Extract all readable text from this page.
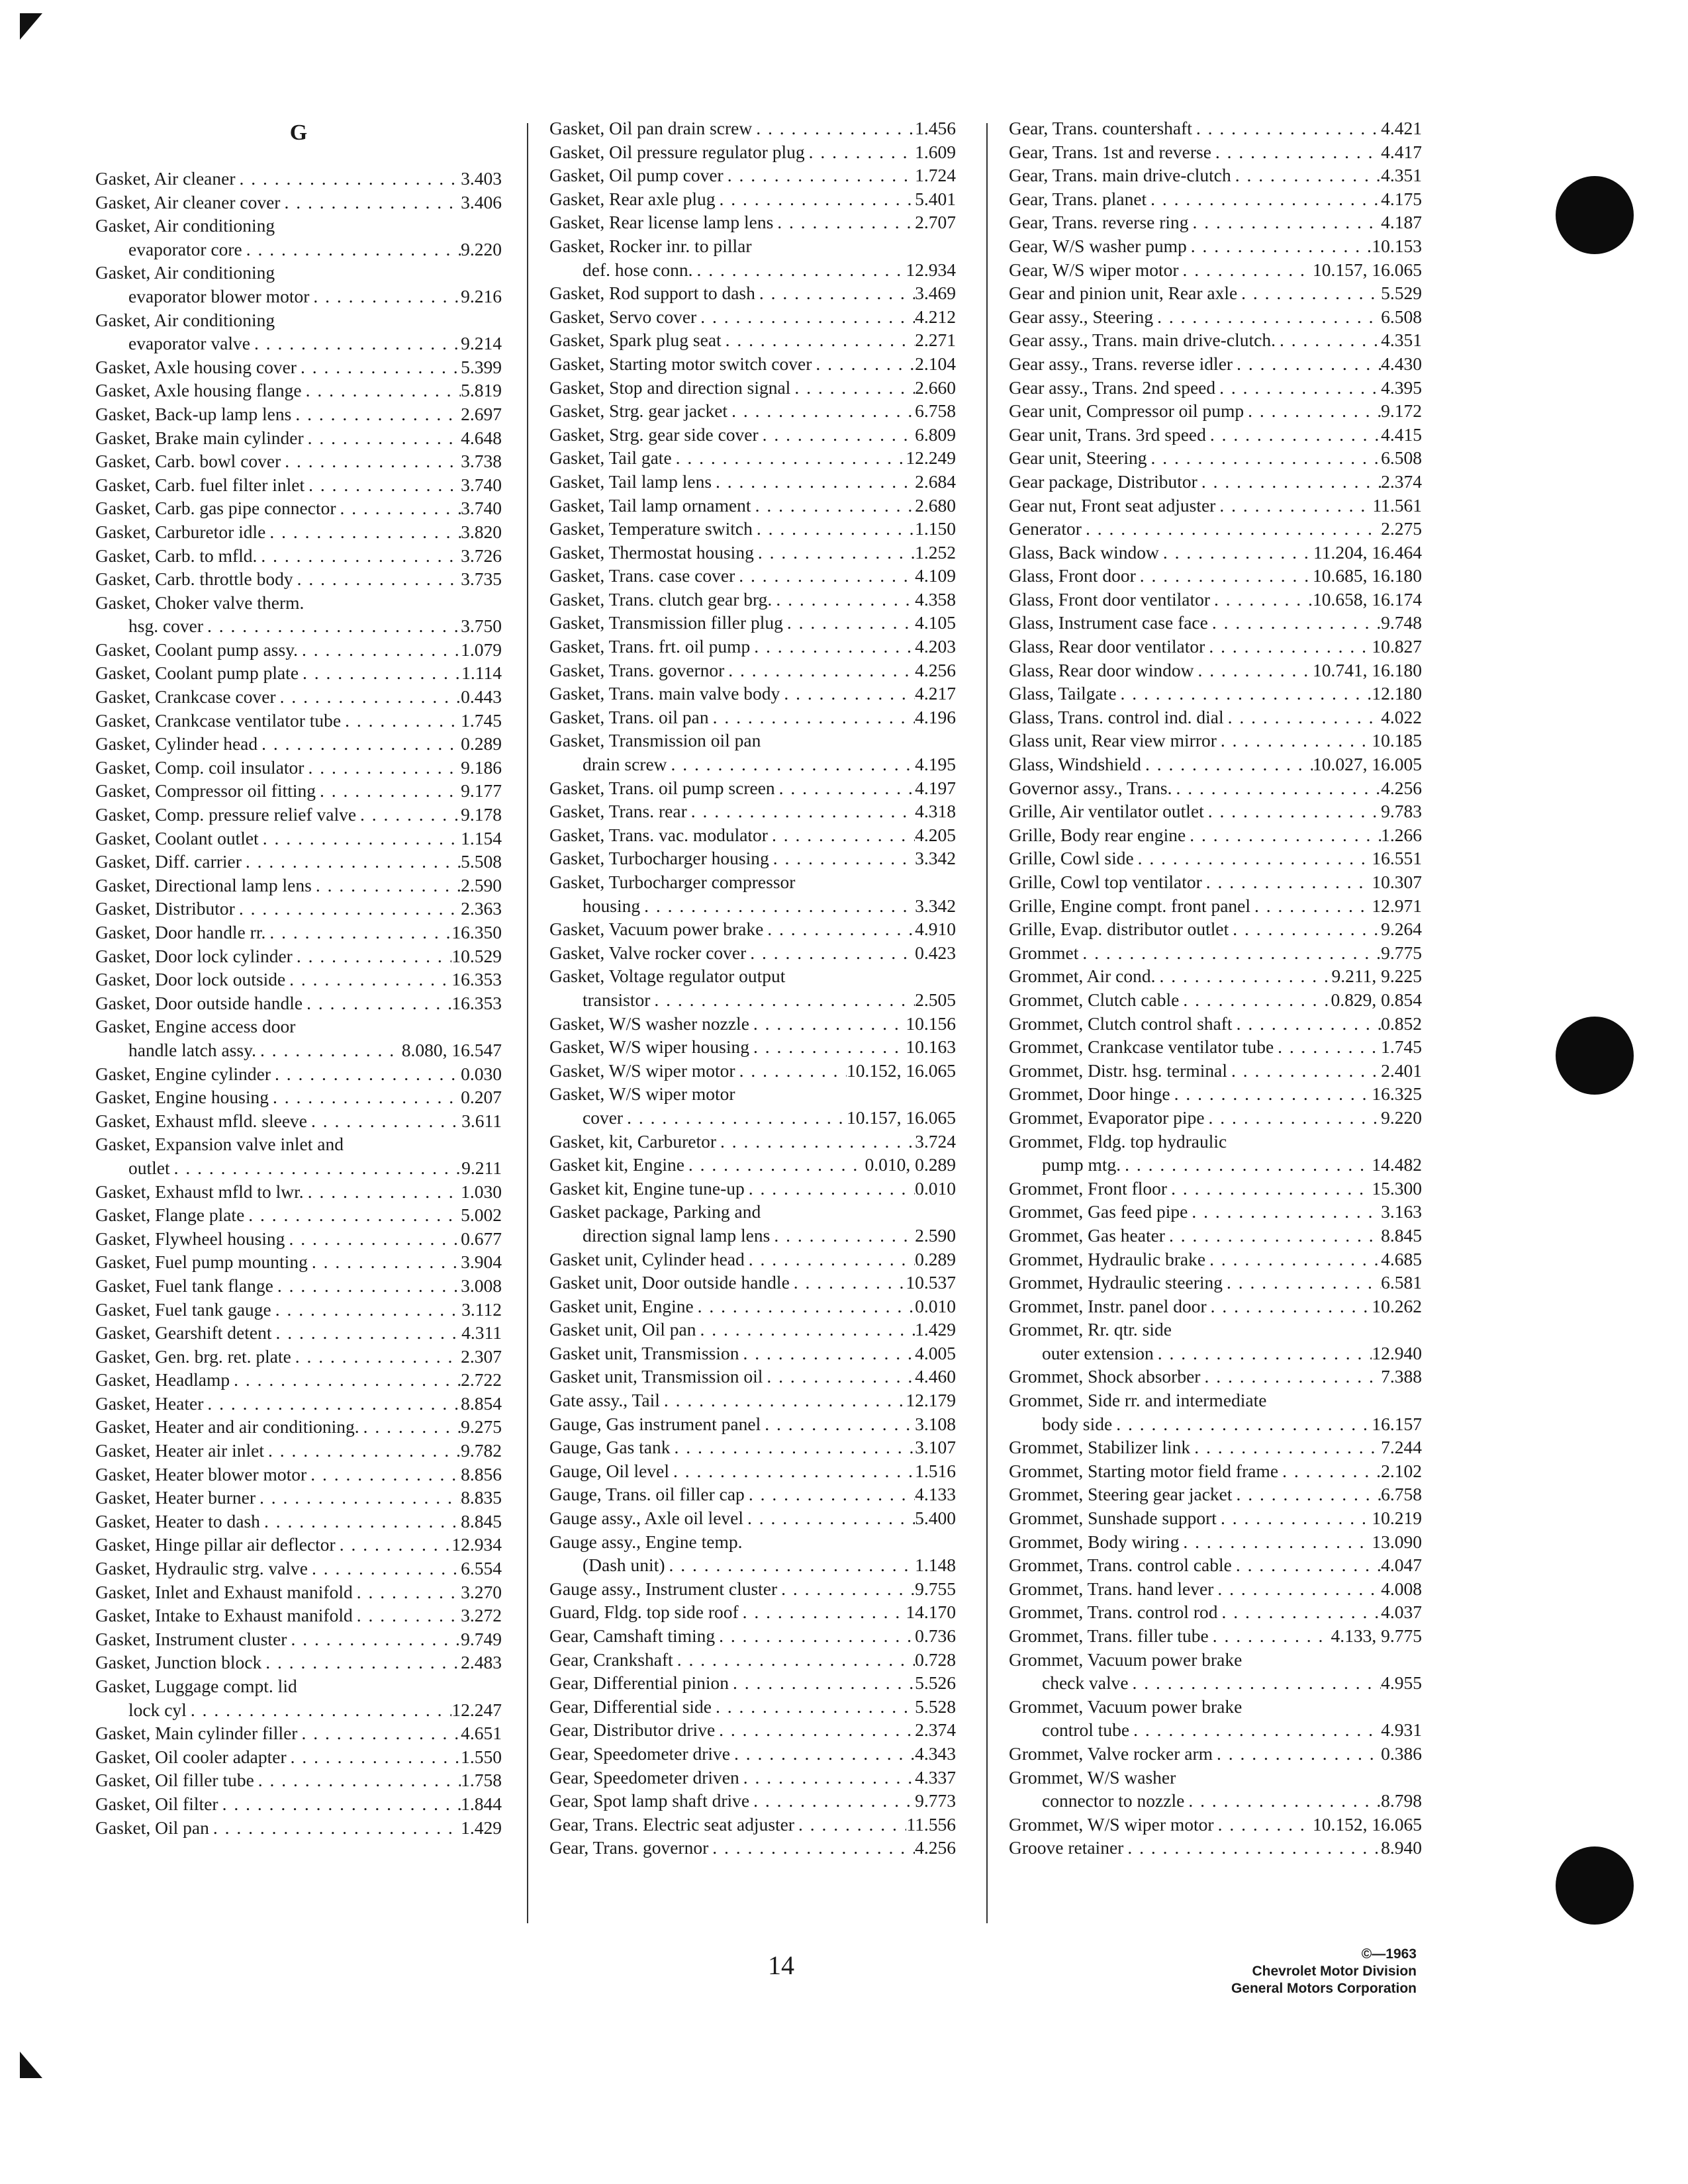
G
Gasket, Air cleaner . . .	3.403
Gasket, Air cleaner cover . . .	3.406
Gasket, Air conditioning
evaporator core . . .	9.220
Gasket, Air conditioning
evaporator blower motor . . .	9.216
Gasket, Air conditioning
evaporator valve . . .	9.214
Gasket, Axle housing cover . . .	5.399
Gasket, Axle housing flange . . .	5.819
Gasket, Back-up lamp lens . . .	2.697
Gasket, Brake main cylinder . . .	4.648
Gasket, Carb. bowl cover . . .	3.738
Gasket, Carb. fuel filter inlet . . .	3.740
Gasket, Carb. gas pipe connector . . .	3.740
Gasket, Carburetor idle . . .	3.820
Gasket, Carb. to mfld. . . .	3.726
Gasket, Carb. throttle body . . .	3.735
Gasket, Choker valve therm.
hsg. cover . . .	3.750
Gasket, Coolant pump assy. . . .	1.079
Gasket, Coolant pump plate . . .	1.114
Gasket, Crankcase cover . . .	0.443
Gasket, Crankcase ventilator tube . . .	1.745
Gasket, Cylinder head . . .	0.289
Gasket, Comp. coil insulator . . .	9.186
Gasket, Compressor oil fitting . . .	9.177
Gasket, Comp. pressure relief valve . . .	9.178
Gasket, Coolant outlet . . .	1.154
Gasket, Diff. carrier . . .	5.508
Gasket, Directional lamp lens . . .	2.590
Gasket, Distributor . . .	2.363
Gasket, Door handle rr. . . .	16.350
Gasket, Door lock cylinder . . .	10.529
Gasket, Door lock outside . . .	16.353
Gasket, Door outside handle . . .	16.353
Gasket, Engine access door
handle latch assy. . . .	8.080, 16.547
Gasket, Engine cylinder . . .	0.030
Gasket, Engine housing . . .	0.207
Gasket, Exhaust mfld. sleeve . . .	3.611
Gasket, Expansion valve inlet and
outlet . . .	9.211
Gasket, Exhaust mfld to lwr. . . .	1.030
Gasket, Flange plate . . .	5.002
Gasket, Flywheel housing . . .	0.677
Gasket, Fuel pump mounting . . .	3.904
Gasket, Fuel tank flange . . .	3.008
Gasket, Fuel tank gauge . . .	3.112
Gasket, Gearshift detent . . .	4.311
Gasket, Gen. brg. ret. plate . . .	2.307
Gasket, Headlamp . . .	2.722
Gasket, Heater . . .	8.854
Gasket, Heater and air conditioning. . . .	9.275
Gasket, Heater air inlet . . .	9.782
Gasket, Heater blower motor . . .	8.856
Gasket, Heater burner . . .	8.835
Gasket, Heater to dash . . .	8.845
Gasket, Hinge pillar air deflector . . .	12.934
Gasket, Hydraulic strg. valve . . .	6.554
Gasket, Inlet and Exhaust manifold . . .	3.270
Gasket, Intake to Exhaust manifold . . .	3.272
Gasket, Instrument cluster . . .	9.749
Gasket, Junction block . . .	2.483
Gasket, Luggage compt. lid
lock cyl . . .	12.247
Gasket, Main cylinder filler . . .	4.651
Gasket, Oil cooler adapter . . .	1.550
Gasket, Oil filler tube . . .	1.758
Gasket, Oil filter . . .	1.844
Gasket, Oil pan . . .	1.429
Gasket, Oil pan drain screw . . .	1.456
Gasket, Oil pressure regulator plug . . .	1.609
Gasket, Oil pump cover . . .	1.724
Gasket, Rear axle plug . . .	5.401
Gasket, Rear license lamp lens . . .	2.707
Gasket, Rocker inr. to pillar
def. hose conn. . . .	12.934
Gasket, Rod support to dash . . .	3.469
Gasket, Servo cover . . .	4.212
Gasket, Spark plug seat . . .	2.271
Gasket, Starting motor switch cover . . .	2.104
Gasket, Stop and direction signal . . .	2.660
Gasket, Strg. gear jacket . . .	6.758
Gasket, Strg. gear side cover . . .	6.809
Gasket, Tail gate . . .	12.249
Gasket, Tail lamp lens . . .	2.684
Gasket, Tail lamp ornament . . .	2.680
Gasket, Temperature switch . . .	1.150
Gasket, Thermostat housing . . .	1.252
Gasket, Trans. case cover . . .	4.109
Gasket, Trans. clutch gear brg. . . .	4.358
Gasket, Transmission filler plug . . .	4.105
Gasket, Trans. frt. oil pump . . .	4.203
Gasket, Trans. governor . . .	4.256
Gasket, Trans. main valve body . . .	4.217
Gasket, Trans. oil pan . . .	4.196
Gasket, Transmission oil pan
drain screw . . .	4.195
Gasket, Trans. oil pump screen . . .	4.197
Gasket, Trans. rear . . .	4.318
Gasket, Trans. vac. modulator . . .	4.205
Gasket, Turbocharger housing . . .	3.342
Gasket, Turbocharger compressor
housing . . .	3.342
Gasket, Vacuum power brake . . .	4.910
Gasket, Valve rocker cover . . .	0.423
Gasket, Voltage regulator output
transistor . . .	2.505
Gasket, W/S washer nozzle . . .	10.156
Gasket, W/S wiper housing . . .	10.163
Gasket, W/S wiper motor . . .	10.152, 16.065
Gasket, W/S wiper motor
cover . . .	10.157, 16.065
Gasket, kit, Carburetor . . .	3.724
Gasket kit, Engine . . .	0.010, 0.289
Gasket kit, Engine tune-up . . .	0.010
Gasket package, Parking and
direction signal lamp lens . . .	2.590
Gasket unit, Cylinder head . . .	0.289
Gasket unit, Door outside handle . . .	10.537
Gasket unit, Engine . . .	0.010
Gasket unit, Oil pan . . .	1.429
Gasket unit, Transmission . . .	4.005
Gasket unit, Transmission oil . . .	4.460
Gate assy., Tail . . .	12.179
Gauge, Gas instrument panel . . .	3.108
Gauge, Gas tank . . .	3.107
Gauge, Oil level . . .	1.516
Gauge, Trans. oil filler cap . . .	4.133
Gauge assy., Axle oil level . . .	5.400
Gauge assy., Engine temp.
(Dash unit) . . .	1.148
Gauge assy., Instrument cluster . . .	9.755
Guard, Fldg. top side roof . . .	14.170
Gear, Camshaft timing . . .	0.736
Gear, Crankshaft . . .	0.728
Gear, Differential pinion . . .	5.526
Gear, Differential side . . .	5.528
Gear, Distributor drive . . .	2.374
Gear, Speedometer drive . . .	4.343
Gear, Speedometer driven . . .	4.337
Gear, Spot lamp shaft drive . . .	9.773
Gear, Trans. Electric seat adjuster . . .	11.556
Gear, Trans. governor . . .	4.256
Gear, Trans. countershaft . . .	4.421
Gear, Trans. 1st and reverse . . .	4.417
Gear, Trans. main drive-clutch . . .	4.351
Gear, Trans. planet . . .	4.175
Gear, Trans. reverse ring . . .	4.187
Gear, W/S washer pump . . .	10.153
Gear, W/S wiper motor . . .	10.157, 16.065
Gear and pinion unit, Rear axle . . .	5.529
Gear assy., Steering . . .	6.508
Gear assy., Trans. main drive-clutch. . . .	4.351
Gear assy., Trans. reverse idler . . .	4.430
Gear assy., Trans. 2nd speed . . .	4.395
Gear unit, Compressor oil pump . . .	9.172
Gear unit, Trans. 3rd speed . . .	4.415
Gear unit, Steering . . .	6.508
Gear package, Distributor . . .	2.374
Gear nut, Front seat adjuster . . .	11.561
Generator . . .	2.275
Glass, Back window . . .	11.204, 16.464
Glass, Front door . . .	10.685, 16.180
Glass, Front door ventilator . . .	10.658, 16.174
Glass, Instrument case face . . .	9.748
Glass, Rear door ventilator . . .	10.827
Glass, Rear door window . . .	10.741, 16.180
Glass, Tailgate . . .	12.180
Glass, Trans. control ind. dial . . .	4.022
Glass unit, Rear view mirror . . .	10.185
Glass, Windshield . . .	10.027, 16.005
Governor assy., Trans. . . .	4.256
Grille, Air ventilator outlet . . .	9.783
Grille, Body rear engine . . .	1.266
Grille, Cowl side . . .	16.551
Grille, Cowl top ventilator . . .	10.307
Grille, Engine compt. front panel . . .	12.971
Grille, Evap. distributor outlet . . .	9.264
Grommet . . .	9.775
Grommet, Air cond. . . .	9.211, 9.225
Grommet, Clutch cable . . .	0.829, 0.854
Grommet, Clutch control shaft . . .	0.852
Grommet, Crankcase ventilator tube . . .	1.745
Grommet, Distr. hsg. terminal . . .	2.401
Grommet, Door hinge . . .	16.325
Grommet, Evaporator pipe . . .	9.220
Grommet, Fldg. top hydraulic
pump mtg. . . .	14.482
Grommet, Front floor . . .	15.300
Grommet, Gas feed pipe . . .	3.163
Grommet, Gas heater . . .	8.845
Grommet, Hydraulic brake . . .	4.685
Grommet, Hydraulic steering . . .	6.581
Grommet, Instr. panel door . . .	10.262
Grommet, Rr. qtr. side
outer extension . . .	12.940
Grommet, Shock absorber . . .	7.388
Grommet, Side rr. and intermediate
body side . . .	16.157
Grommet, Stabilizer link . . .	7.244
Grommet, Starting motor field frame . . .	2.102
Grommet, Steering gear jacket . . .	6.758
Grommet, Sunshade support . . .	10.219
Grommet, Body wiring . . .	13.090
Grommet, Trans. control cable . . .	4.047
Grommet, Trans. hand lever . . .	4.008
Grommet, Trans. control rod . . .	4.037
Grommet, Trans. filler tube . . .	4.133, 9.775
Grommet, Vacuum power brake
check valve . . .	4.955
Grommet, Vacuum power brake
control tube . . .	4.931
Grommet, Valve rocker arm . . .	0.386
Grommet, W/S washer
connector to nozzle . . .	8.798
Grommet, W/S wiper motor . . .	10.152, 16.065
Groove retainer . . .	8.940
14	©—1963
Chevrolet Motor Division
General Motors Corporation
